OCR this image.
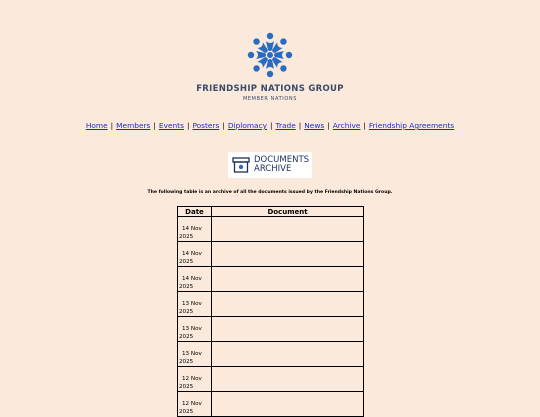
FRIENDSHIP NATIONS GROUP
MEMBER NATIONS
Home | Members | Events | Posters | Diplomacy | Trade | News | Archive | Friendship Agreements
DOCUMENTS
ARCHIVE
The following table is an archive of all the documents issued by the Friendship Nations Group.
Date	Document

14 Nov
2025	

14 Nov
2025	

14 Nov
2025	

13 Nov
2025	

13 Nov
2025	

13 Nov
2025	

12 Nov
2025	

12 Nov
2025	
